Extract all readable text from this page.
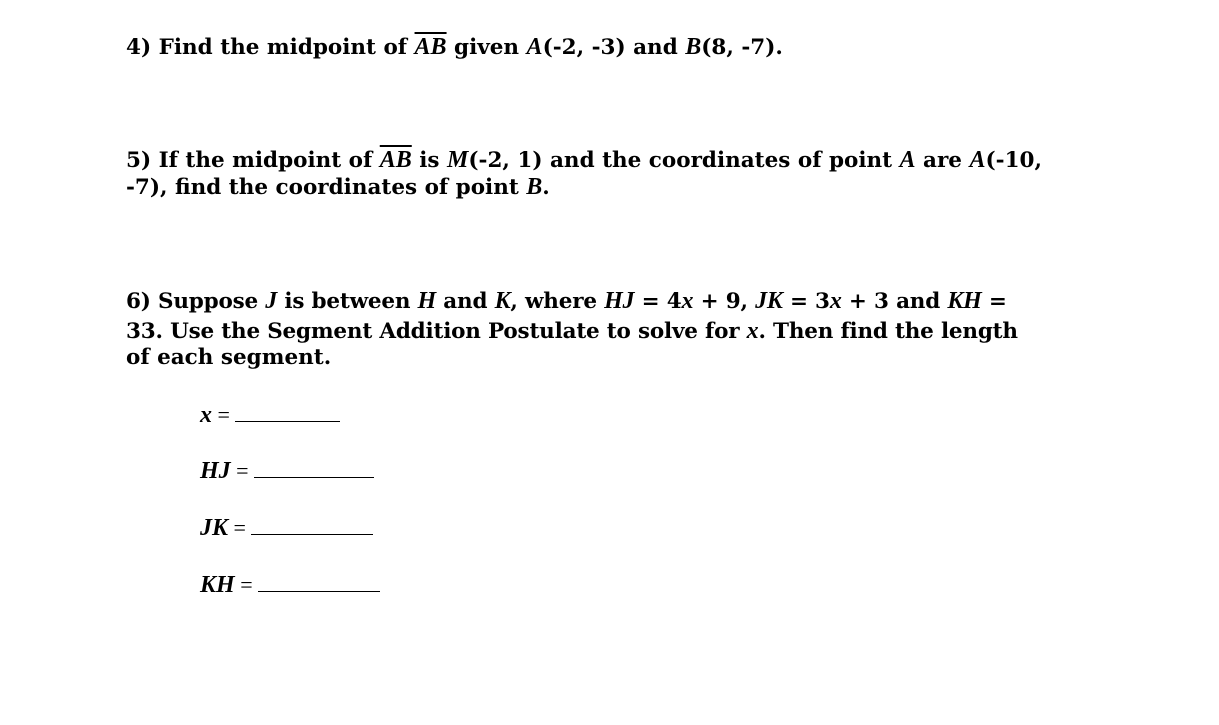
4) Find the midpoint of $\overline{AB}$ given A(-2, -3) and B(8, -7).
5) If the midpoint of $\overline{AB}$ is M(-2, 1) and the coordinates of point A are A(-10,
-7), find the coordinates of point B.
6) Suppose J is between H and K, where HJ = 4x + 9, JK = 3x + 3 and KH =
33. Use the Segment Addition Postulate to solve for x. Then find the length
of each segment.
x =
HJ =
JK =
KH =
